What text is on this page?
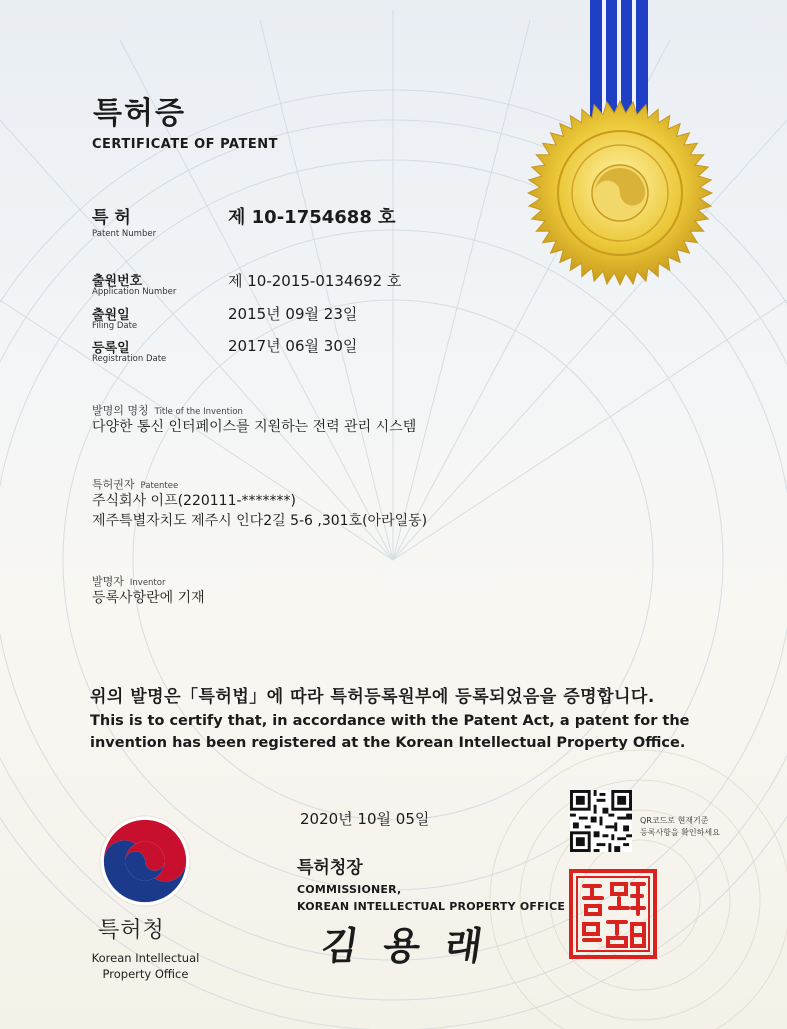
특허증
CERTIFICATE OF PATENT
특 허
Patent Number
제 10-1754688 호
출원번호
Application Number
제 10-2015-0134692 호
출원일
Filing Date
2015년 09월 23일
등록일
Registration Date
2017년 06월 30일
발명의 명칭 Title of the Invention
다양한 통신 인터페이스를 지원하는 전력 관리 시스템
특허권자 Patentee
주식회사 이프(220111-*******)
제주특별자치도 제주시 인다2길 5-6 ,301호(아라일동)
발명자 Inventor
등록사항란에 기재
위의 발명은「특허법」에 따라 특허등록원부에 등록되었음을 증명합니다.
This is to certify that, in accordance with the Patent Act, a patent for the
invention has been registered at the Korean Intellectual Property Office.
2020년 10월 05일	QR코드로 현재기준
등록사항을 확인하세요
특허청장
COMMISSIONER,
KOREAN INTELLECTUAL PROPERTY OFFICE
김 용 래
특허청
Korean Intellectual
Property Office
